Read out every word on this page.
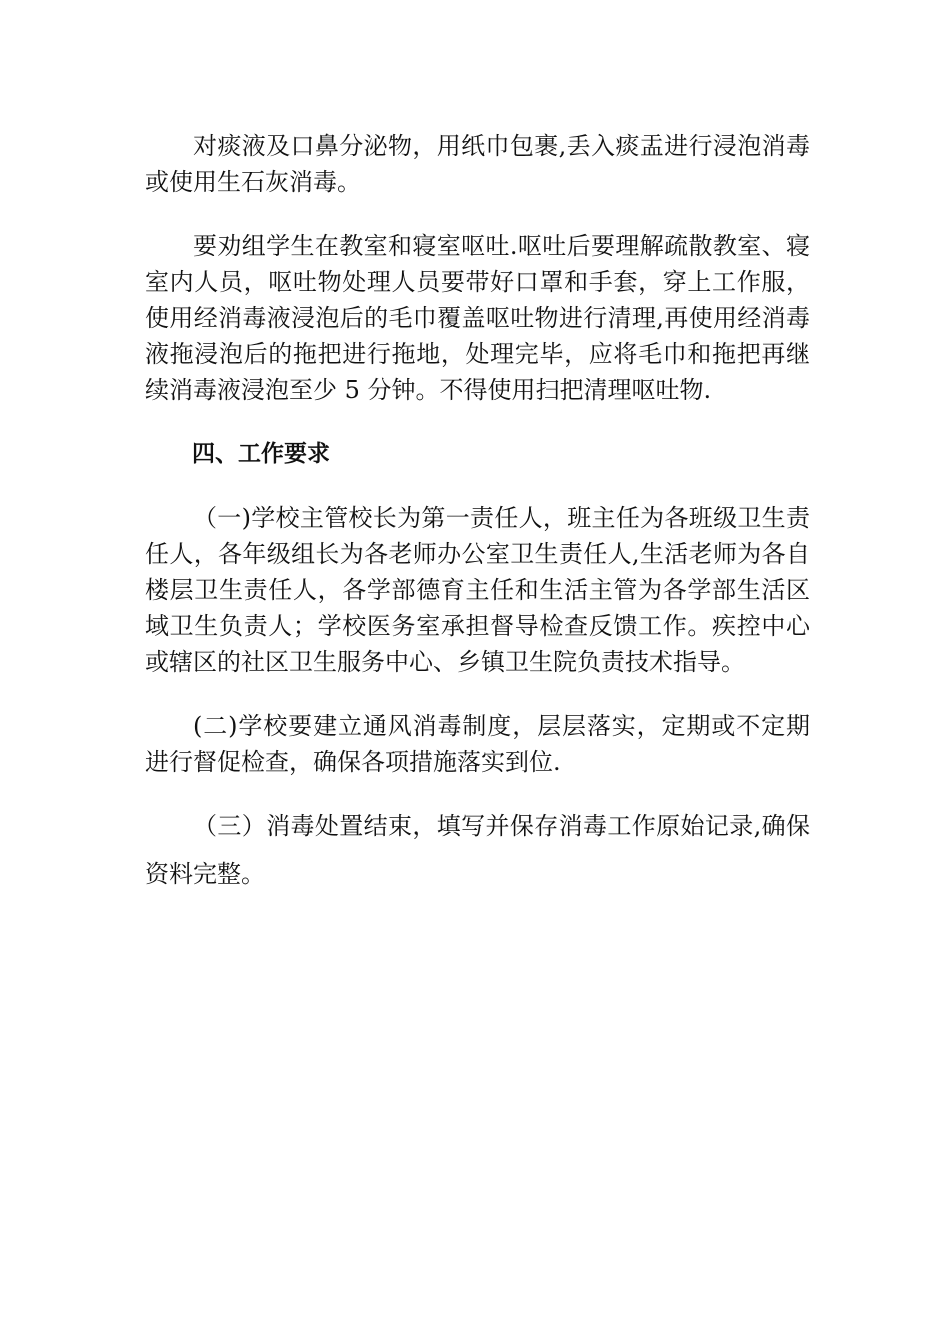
对痰液及口鼻分泌物，用纸巾包裹,丢入痰盂进行浸泡消毒或使用生石灰消毒。

要劝组学生在教室和寝室呕吐.呕吐后要理解疏散教室、寝室内人员，呕吐物处理人员要带好口罩和手套，穿上工作服，使用经消毒液浸泡后的毛巾覆盖呕吐物进行清理,再使用经消毒液拖浸泡后的拖把进行拖地，处理完毕，应将毛巾和拖把再继续消毒液浸泡至少 5 分钟。不得使用扫把清理呕吐物.

四、工作要求

（一)学校主管校长为第一责任人，班主任为各班级卫生责任人，各年级组长为各老师办公室卫生责任人,生活老师为各自楼层卫生责任人，各学部德育主任和生活主管为各学部生活区域卫生负责人；学校医务室承担督导检查反馈工作。疾控中心或辖区的社区卫生服务中心、乡镇卫生院负责技术指导。

(二)学校要建立通风消毒制度，层层落实，定期或不定期进行督促检查，确保各项措施落实到位.

（三）消毒处置结束，填写并保存消毒工作原始记录,确保资料完整。
